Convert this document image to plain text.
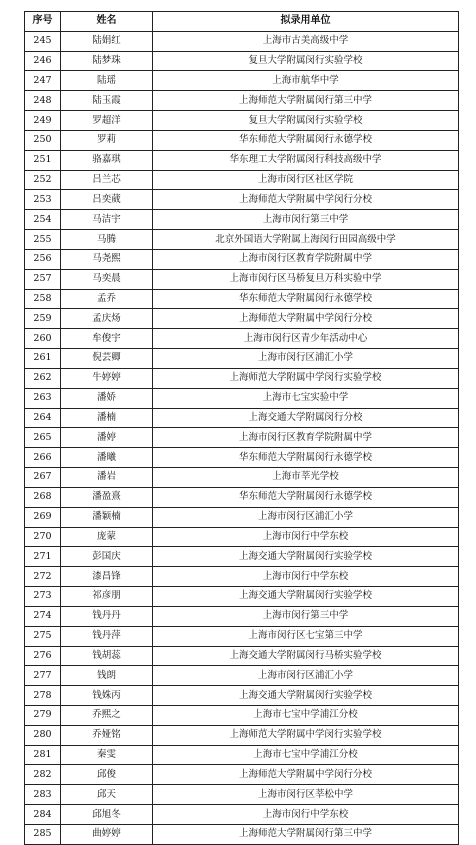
序号	姓名	拟录用单位
245	陆娟红	上海市古美高级中学
246	陆梦珠	复旦大学附属闵行实验学校
247	陆瑶	上海市航华中学
248	陆玉霞	上海师范大学附属闵行第三中学
249	罗超洋	复旦大学附属闵行实验学校
250	罗莉	华东师范大学附属闵行永德学校
251	骆嘉琪	华东理工大学附属闵行科技高级中学
252	吕兰芯	上海市闵行区社区学院
253	吕奕葳	上海师范大学附属中学闵行分校
254	马洁宇	上海市闵行第三中学
255	马腾	北京外国语大学附属上海闵行田园高级中学
256	马尧熙	上海市闵行区教育学院附属中学
257	马奕晨	上海市闵行区马桥复旦万科实验中学
258	孟乔	华东师范大学附属闵行永德学校
259	孟庆炀	上海师范大学附属中学闵行分校
260	牟俊宇	上海市闵行区青少年活动中心
261	倪芸卿	上海市闵行区浦汇小学
262	牛婷婷	上海师范大学附属中学闵行实验学校
263	潘娇	上海市七宝实验中学
264	潘楠	上海交通大学附属闵行分校
265	潘婷	上海市闵行区教育学院附属中学
266	潘曦	华东师范大学附属闵行永德学校
267	潘岩	上海市莘光学校
268	潘盈熹	华东师范大学附属闵行永德学校
269	潘颖楠	上海市闵行区浦汇小学
270	庞蒙	上海市闵行中学东校
271	彭国庆	上海交通大学附属闵行实验学校
272	漆昌锋	上海市闵行中学东校
273	祁彦朋	上海交通大学附属闵行实验学校
274	钱丹丹	上海市闵行第三中学
275	钱丹萍	上海市闵行区七宝第三中学
276	钱胡蕊	上海交通大学附属闵行马桥实验学校
277	钱朗	上海市闵行区浦汇小学
278	钱姝丙	上海交通大学附属闵行实验学校
279	乔熙之	上海市七宝中学浦江分校
280	乔娅铭	上海师范大学附属中学闵行实验学校
281	秦雯	上海市七宝中学浦江分校
282	邱俊	上海师范大学附属中学闵行分校
283	邱天	上海市闵行区莘松中学
284	邱旭冬	上海市闵行中学东校
285	曲婷婷	上海师范大学附属闵行第三中学
